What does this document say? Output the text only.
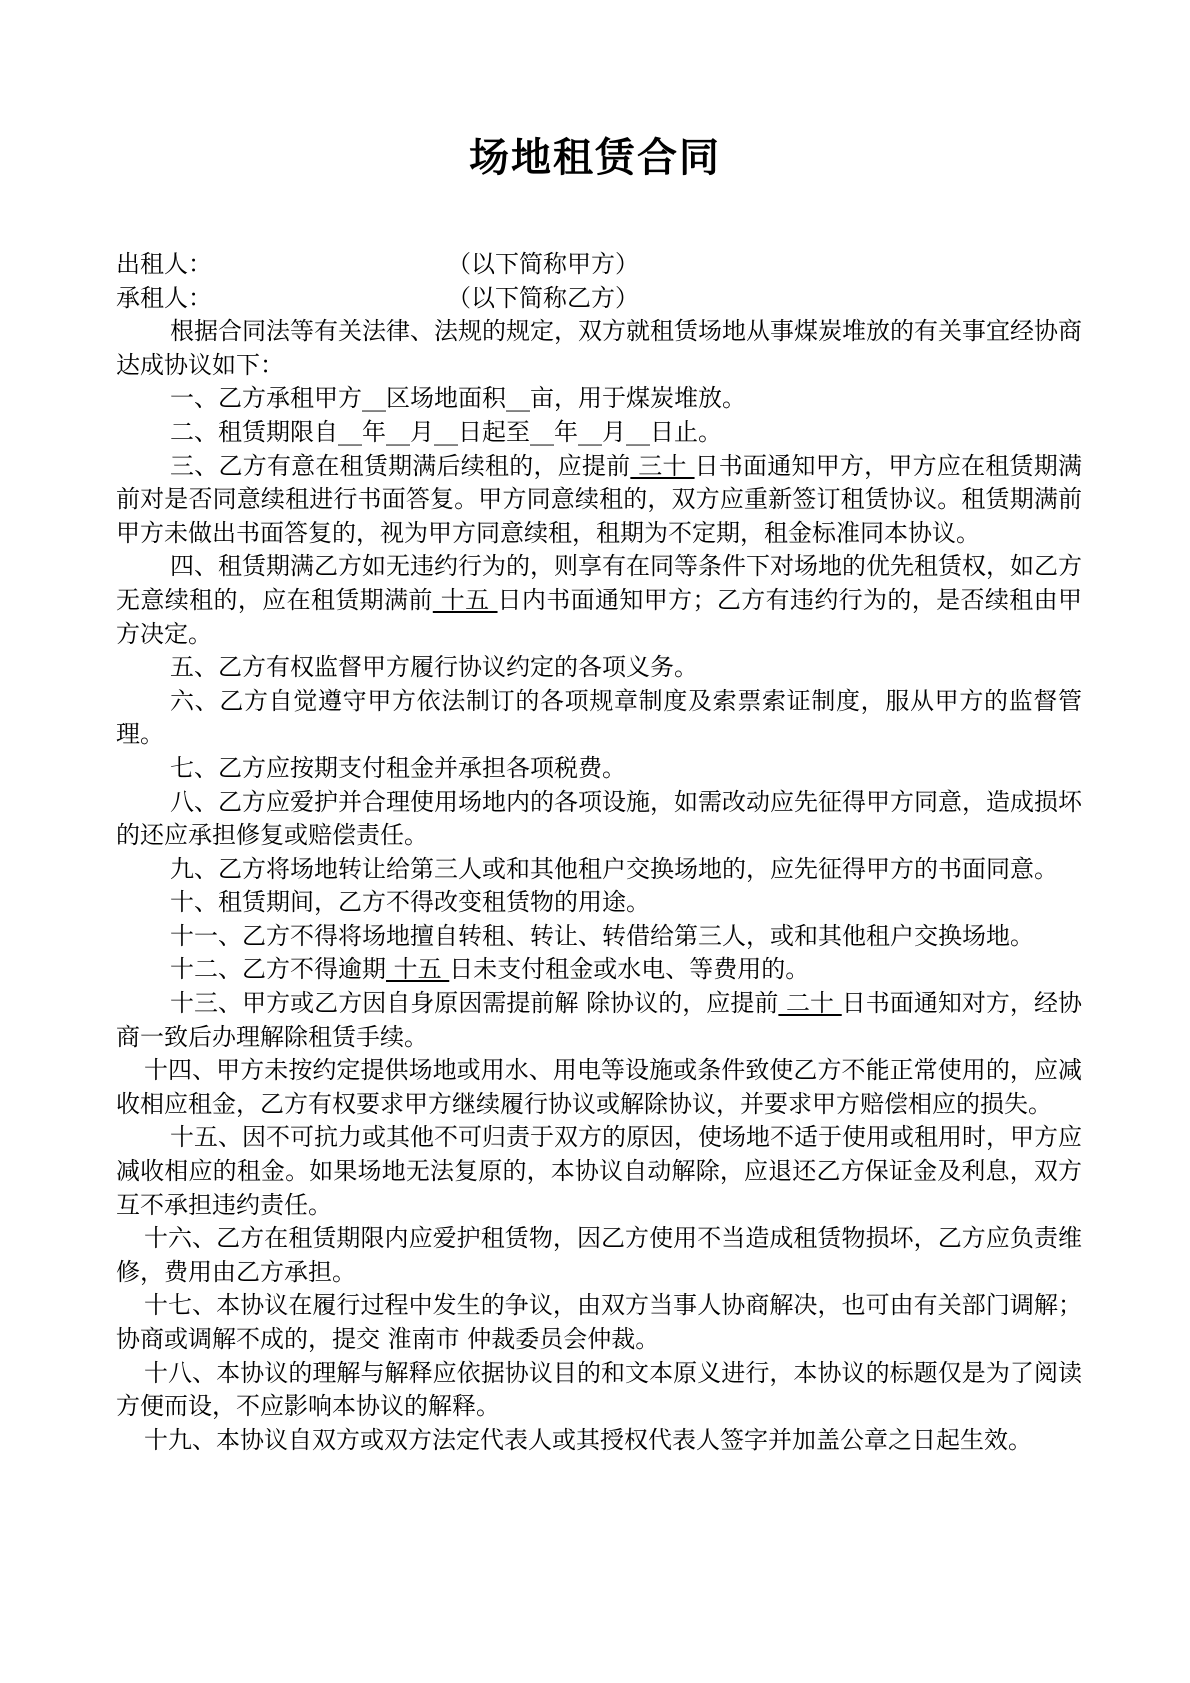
场地租赁合同
出租人：	（以下简称甲方）
承租人：	（以下简称乙方）

根据合同法等有关法律、法规的规定，双方就租赁场地从事煤炭堆放的有关事宜经协商达成协议如下：

一、乙方承租甲方__区场地面积__亩，用于煤炭堆放。

二、租赁期限自__年__月__日起至__年__月__日止。

三、乙方有意在租赁期满后续租的，应提前 三十 日书面通知甲方，甲方应在租赁期满前对是否同意续租进行书面答复。甲方同意续租的，双方应重新签订租赁协议。租赁期满前甲方未做出书面答复的，视为甲方同意续租，租期为不定期，租金标准同本协议。

四、租赁期满乙方如无违约行为的，则享有在同等条件下对场地的优先租赁权，如乙方无意续租的，应在租赁期满前 十五 日内书面通知甲方；乙方有违约行为的，是否续租由甲方决定。

五、乙方有权监督甲方履行协议约定的各项义务。

六、乙方自觉遵守甲方依法制订的各项规章制度及索票索证制度，服从甲方的监督管理。

七、乙方应按期支付租金并承担各项税费。

八、乙方应爱护并合理使用场地内的各项设施，如需改动应先征得甲方同意，造成损坏的还应承担修复或赔偿责任。

九、乙方将场地转让给第三人或和其他租户交换场地的，应先征得甲方的书面同意。

十、租赁期间，乙方不得改变租赁物的用途。

十一、乙方不得将场地擅自转租、转让、转借给第三人，或和其他租户交换场地。

十二、乙方不得逾期 十五 日未支付租金或水电、等费用的。

十三、甲方或乙方因自身原因需提前解 除协议的，应提前 二十 日书面通知对方，经协商一致后办理解除租赁手续。

十四、甲方未按约定提供场地或用水、用电等设施或条件致使乙方不能正常使用的，应减收相应租金，乙方有权要求甲方继续履行协议或解除协议，并要求甲方赔偿相应的损失。

十五、因不可抗力或其他不可归责于双方的原因，使场地不适于使用或租用时，甲方应减收相应的租金。如果场地无法复原的，本协议自动解除，应退还乙方保证金及利息，双方互不承担违约责任。

十六、乙方在租赁期限内应爱护租赁物，因乙方使用不当造成租赁物损坏，乙方应负责维修，费用由乙方承担。

十七、本协议在履行过程中发生的争议，由双方当事人协商解决，也可由有关部门调解；协商或调解不成的，提交 淮南市 仲裁委员会仲裁。

十八、本协议的理解与解释应依据协议目的和文本原义进行，本协议的标题仅是为了阅读方便而设，不应影响本协议的解释。

十九、本协议自双方或双方法定代表人或其授权代表人签字并加盖公章之日起生效。
